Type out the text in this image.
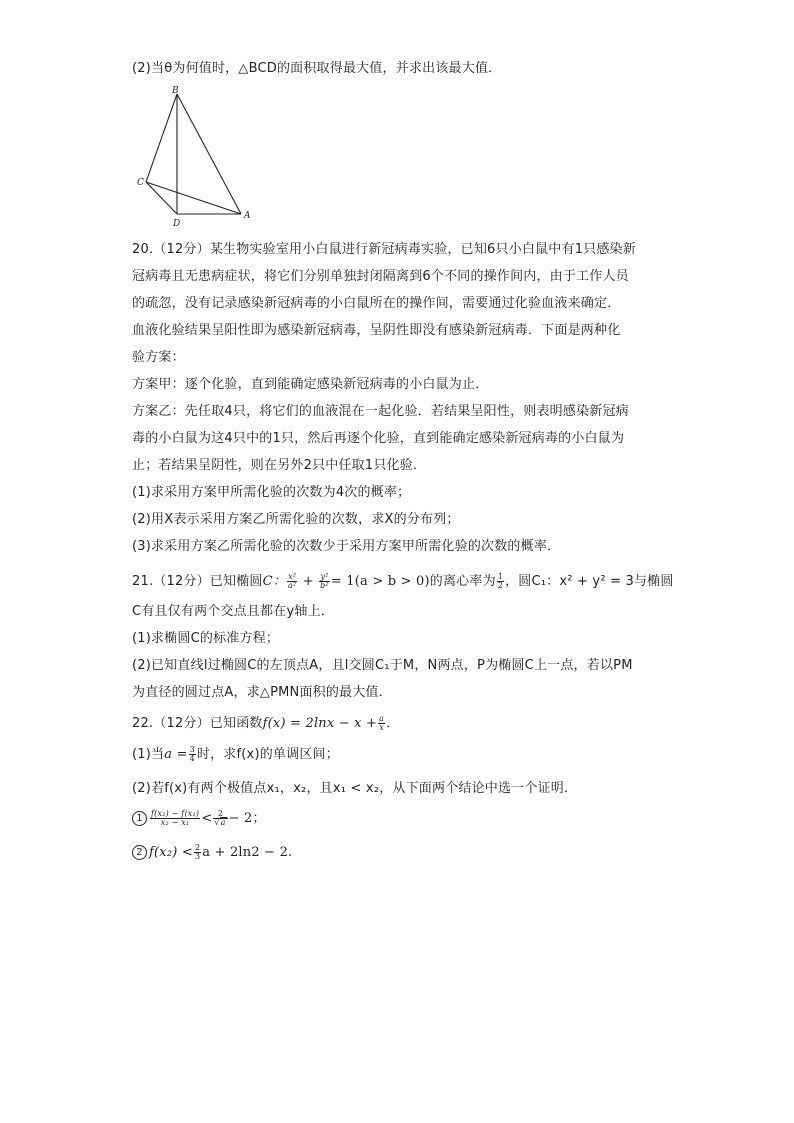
(2)当θ为何值时，△BCD的面积取得最大值，并求出该最大值．
B
C
D
A
20.（12分）某生物实验室用小白鼠进行新冠病毒实验，已知6只小白鼠中有1只感染新
冠病毒且无患病症状，将它们分别单独封闭隔离到6个不同的操作间内，由于工作人员
的疏忽，没有记录感染新冠病毒的小白鼠所在的操作间，需要通过化验血液来确定．
血液化验结果呈阳性即为感染新冠病毒，呈阴性即没有感染新冠病毒．下面是两种化
验方案：
方案甲：逐个化验，直到能确定感染新冠病毒的小白鼠为止．
方案乙：先任取4只，将它们的血液混在一起化验．若结果呈阳性，则表明感染新冠病
毒的小白鼠为这4只中的1只，然后再逐个化验，直到能确定感染新冠病毒的小白鼠为
止；若结果呈阴性，则在另外2只中任取1只化验．
(1)求采用方案甲所需化验的次数为4次的概率；
(2)用X表示采用方案乙所需化验的次数，求X的分布列；
(3)求采用方案乙所需化验的次数少于采用方案甲所需化验的次数的概率．
21.（12分）已知椭圆C： $\frac{\text{x²}}{\text{a²}} + \frac{\text{y²}}{\text{b²}} = 1(a > b > 0)$的离心率为 $\frac{1}{2}$ ，圆C₁：x² + y² = 3与椭圆
C有且仅有两个交点且都在y轴上．
(1)求椭圆C的标准方程；
(2)已知直线l过椭圆C的左顶点A，且l交圆C₁于M，N两点，P为椭圆C上一点，若以PM
为直径的圆过点A，求△PMN面积的最大值．
22.（12分）已知函数$f(x) = 2\ln x - x + \frac{a}{x}$ ．
(1)当$a = \frac{3}{4}$ 时，求f(x)的单调区间；
(2)若f(x)有两个极值点x₁，x₂，且x₁ < x₂，从下面两个结论中选一个证明．
$1 \frac{\text{f(x₂) − f(x₁)}}{\text{x₂ − x₁}} < \frac{2}{√a} - 2$；
2 $f(x_2) < \frac{2}{3}$ a + 2ln2 − 2.
